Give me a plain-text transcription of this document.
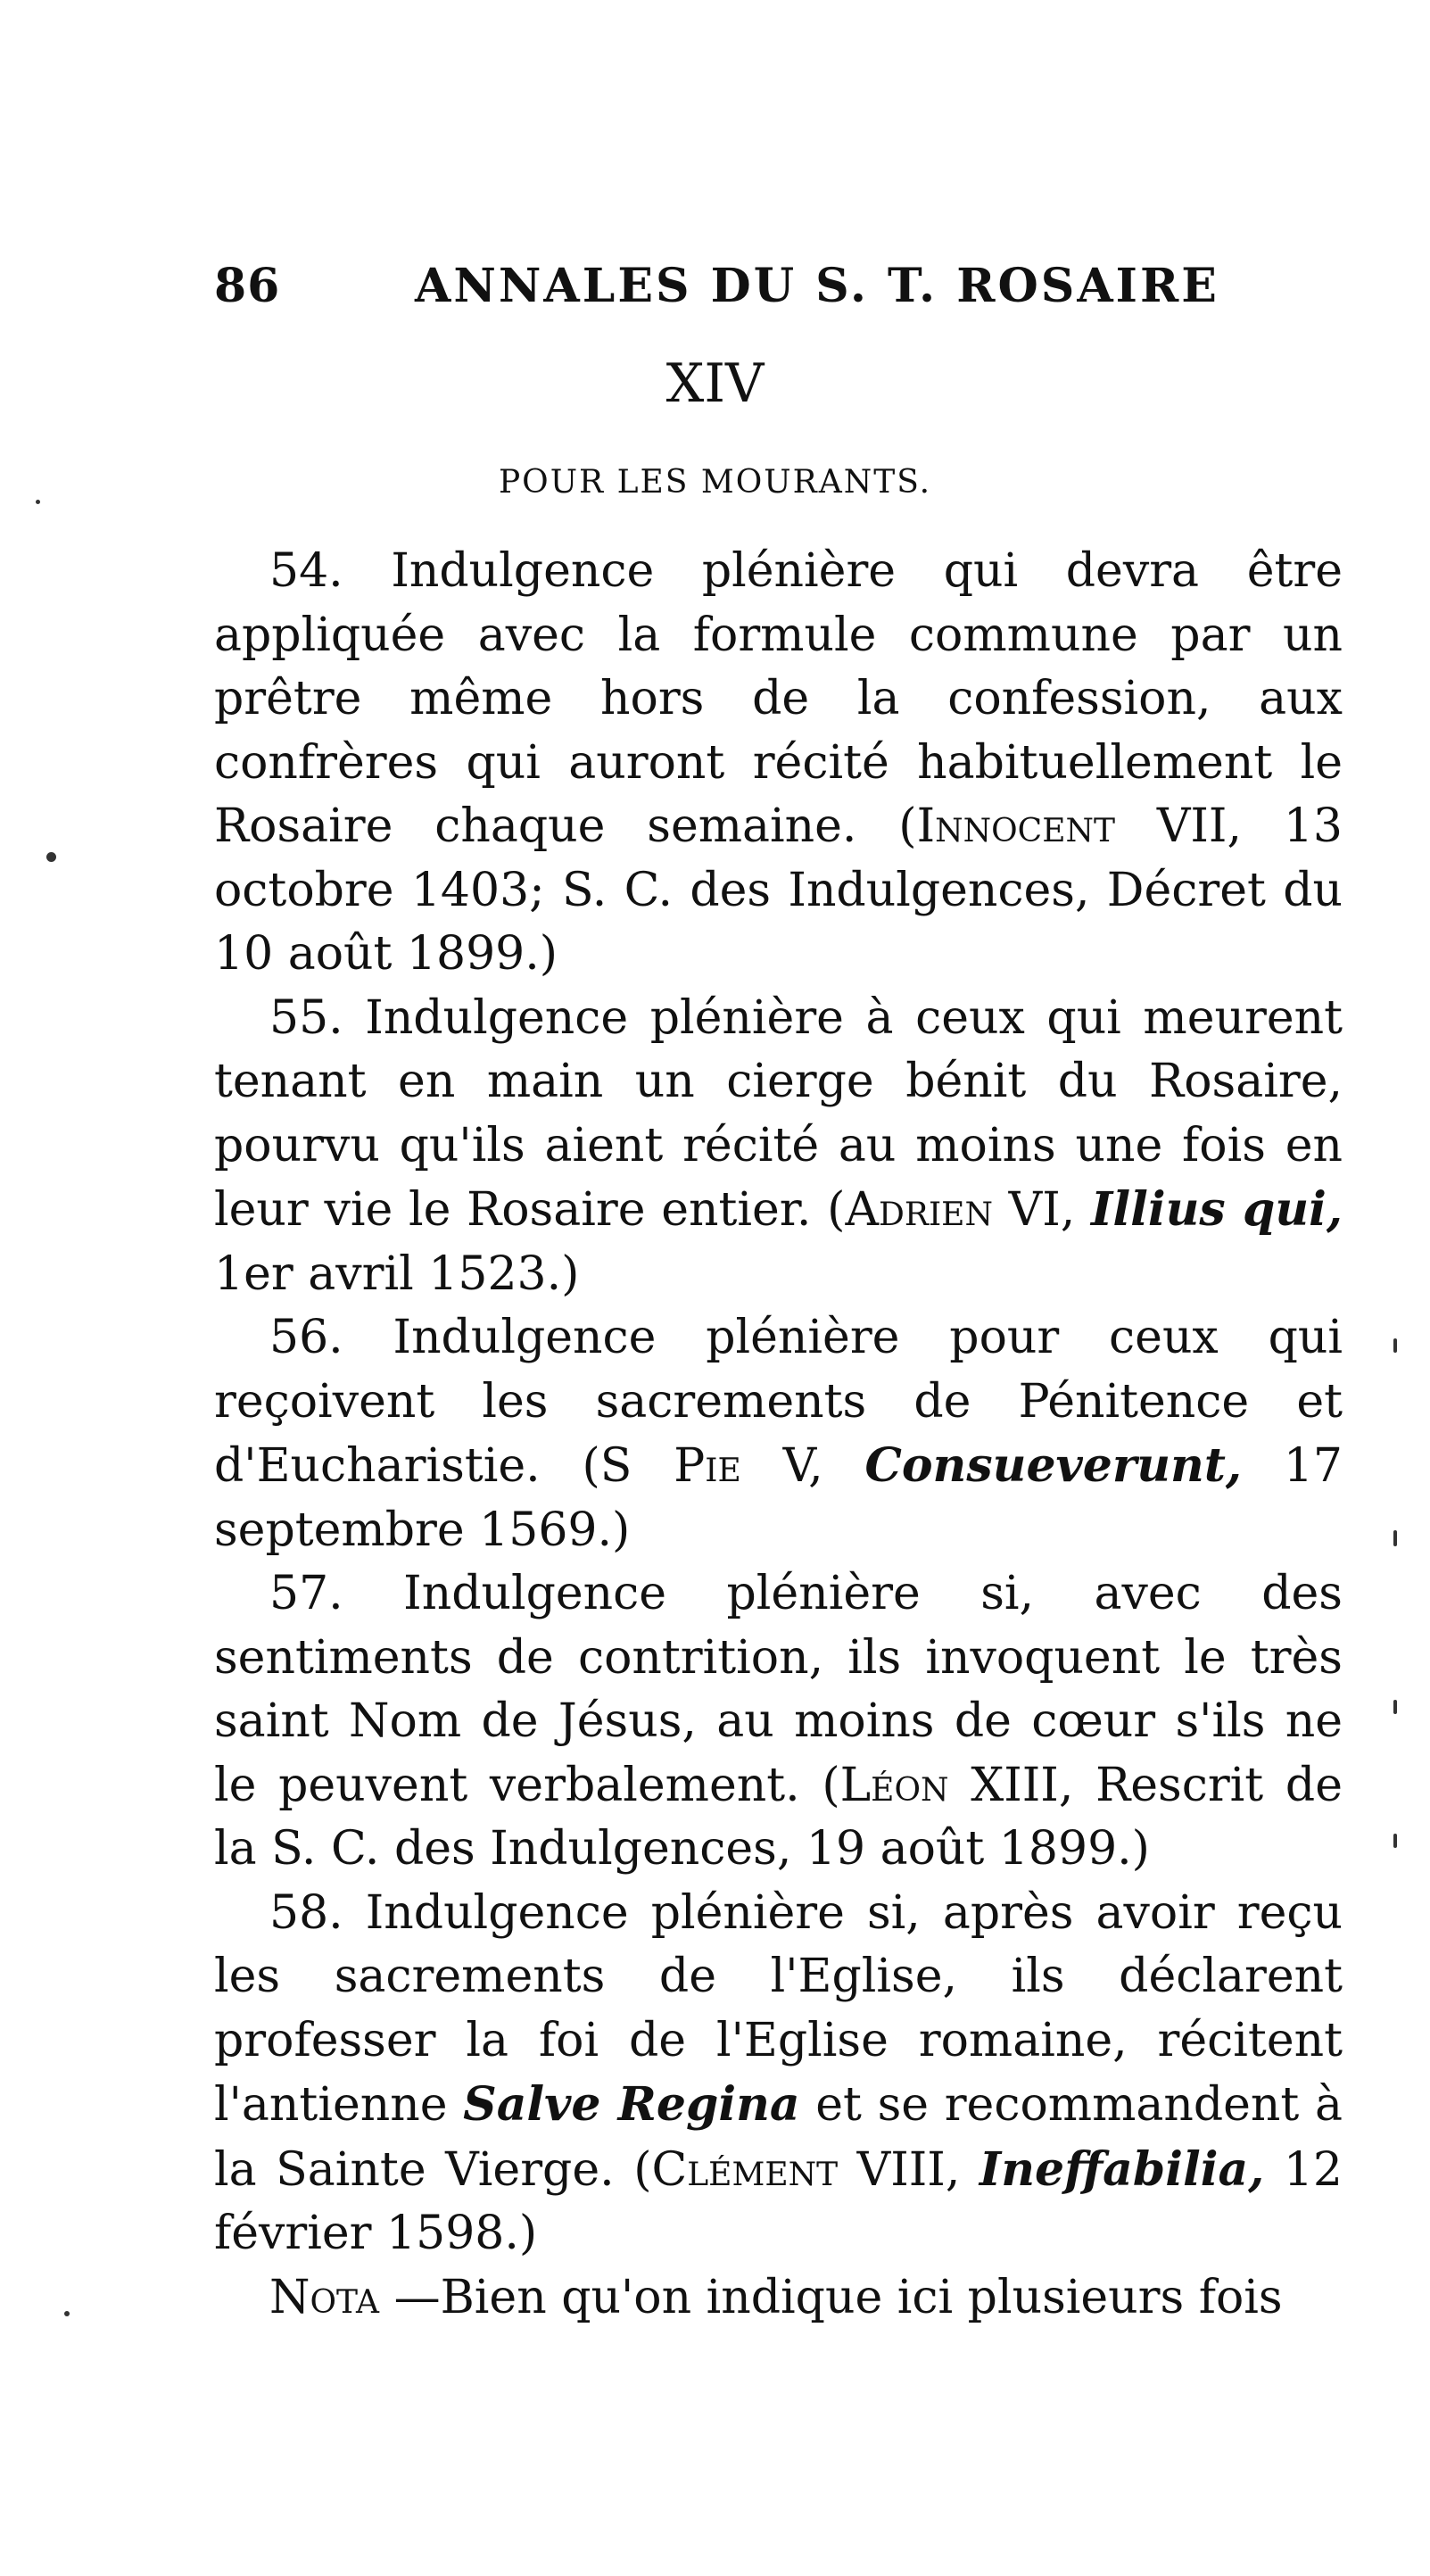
86	ANNALES DU S. T. ROSAIRE
XIV
POUR LES MOURANTS.

54. Indulgence plénière qui devra être appliquée avec la formule commune par un prêtre même hors de la confession, aux confrères qui auront récité habituellement le Rosaire chaque semaine. (Innocent VII, 13 octobre 1403; S. C. des Indulgences, Décret du 10 août 1899.)

55. Indulgence plénière à ceux qui meurent tenant en main un cierge bénit du Rosaire, pourvu qu'ils aient récité au moins une fois en leur vie le Rosaire entier. (Adrien VI, Illius qui, 1er avril 1523.)

56. Indulgence plénière pour ceux qui reçoivent les sacrements de Pénitence et d'Eucharistie. (S Pie V, Consueverunt, 17 septembre 1569.)

57. Indulgence plénière si, avec des sentiments de contrition, ils invoquent le très saint Nom de Jésus, au moins de cœur s'ils ne le peuvent verbalement. (Léon XIII, Rescrit de la S. C. des Indulgences, 19 août 1899.)

58. Indulgence plénière si, après avoir reçu les sacrements de l'Eglise, ils déclarent professer la foi de l'Eglise romaine, récitent l'antienne Salve Regina et se recommandent à la Sainte Vierge. (Clément VIII, Ineffabilia, 12 février 1598.)

Nota —Bien qu'on indique ici plusieurs fois
